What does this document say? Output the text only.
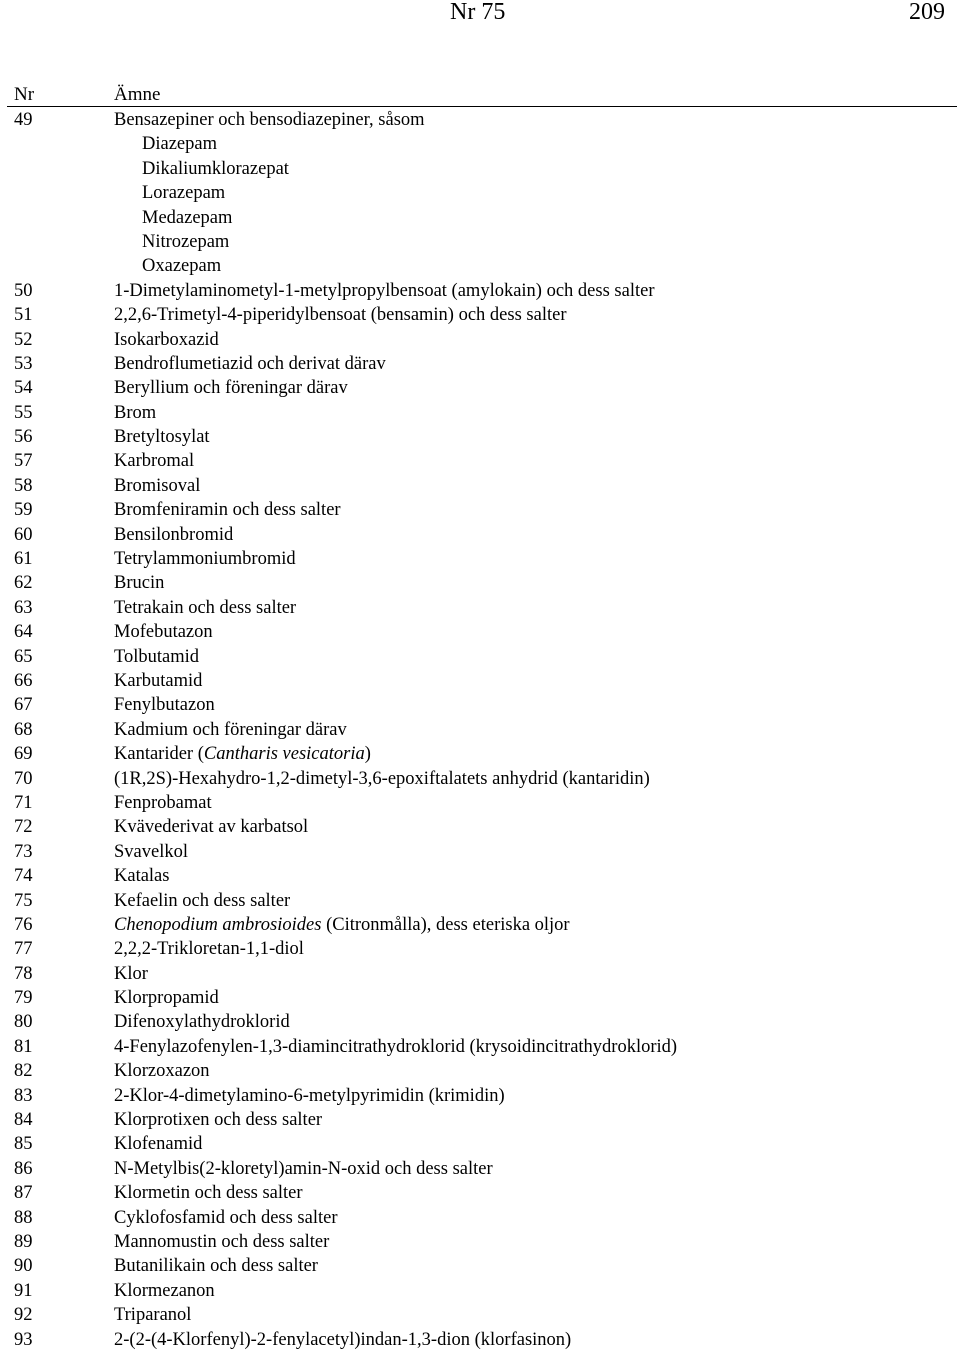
Nr 75	209
Nr	Ämne
49	Bensazepiner och bensodiazepiner, såsom
Diazepam
Dikaliumklorazepat
Lorazepam
Medazepam
Nitrozepam
Oxazepam
50	1-Dimetylaminometyl-1-metylpropylbensoat (amylokain) och dess salter
51	2,2,6-Trimetyl-4-piperidylbensoat (bensamin) och dess salter
52	Isokarboxazid
53	Bendroflumetiazid och derivat därav
54	Beryllium och föreningar därav
55	Brom
56	Bretyltosylat
57	Karbromal
58	Bromisoval
59	Bromfeniramin och dess salter
60	Bensilonbromid
61	Tetrylammoniumbromid
62	Brucin
63	Tetrakain och dess salter
64	Mofebutazon
65	Tolbutamid
66	Karbutamid
67	Fenylbutazon
68	Kadmium och föreningar därav
69	Kantarider (Cantharis vesicatoria)
70	(1R,2S)-Hexahydro-1,2-dimetyl-3,6-epoxiftalatets anhydrid (kantaridin)
71	Fenprobamat
72	Kvävederivat av karbatsol
73	Svavelkol
74	Katalas
75	Kefaelin och dess salter
76	Chenopodium ambrosioides (Citronmålla), dess eteriska oljor
77	2,2,2-Trikloretan-1,1-diol
78	Klor
79	Klorpropamid
80	Difenoxylathydroklorid
81	4-Fenylazofenylen-1,3-diamincitrathydroklorid (krysoidincitrathydroklorid)
82	Klorzoxazon
83	2-Klor-4-dimetylamino-6-metylpyrimidin (krimidin)
84	Klorprotixen och dess salter
85	Klofenamid
86	N-Metylbis(2-kloretyl)amin-N-oxid och dess salter
87	Klormetin och dess salter
88	Cyklofosfamid och dess salter
89	Mannomustin och dess salter
90	Butanilikain och dess salter
91	Klormezanon
92	Triparanol
93	2-(2-(4-Klorfenyl)-2-fenylacetyl)indan-1,3-dion (klorfasinon)
